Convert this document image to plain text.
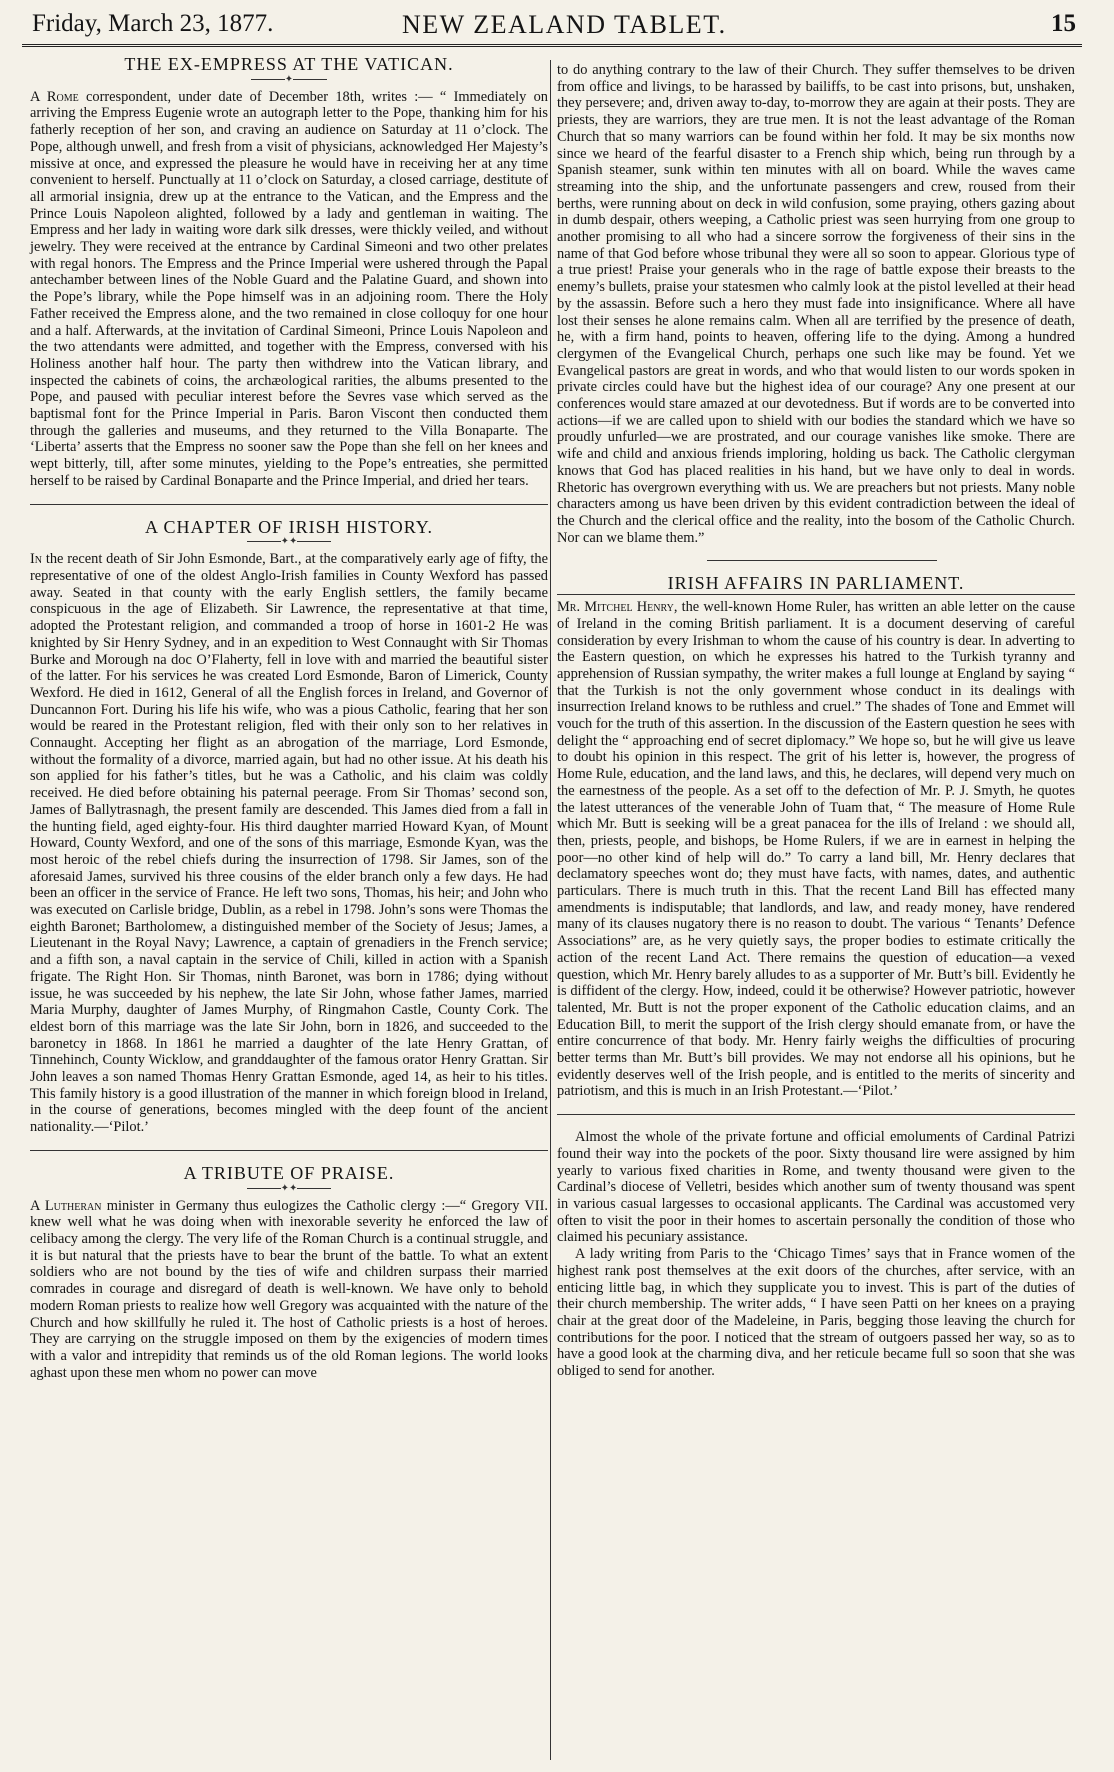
Friday, March 23, 1877.	NEW ZEALAND TABLET.	15
THE EX-EMPRESS AT THE VATICAN.
✦

A Rome correspondent, under date of December 18th, writes :— “ Immediately on arriving the Empress Eugenie wrote an autograph letter to the Pope, thanking him for his fatherly reception of her son, and craving an audience on Saturday at 11 o’clock. The Pope, although unwell, and fresh from a visit of physicians, acknowledged Her Majesty’s missive at once, and expressed the pleasure he would have in receiving her at any time convenient to herself. Punctually at 11 o’clock on Saturday, a closed carriage, destitute of all armorial insignia, drew up at the entrance to the Vatican, and the Empress and the Prince Louis Napoleon alighted, followed by a lady and gentleman in waiting. The Empress and her lady in waiting wore dark silk dresses, were thickly veiled, and without jewelry. They were received at the entrance by Cardinal Simeoni and two other prelates with regal honors. The Empress and the Prince Imperial were ushered through the Papal antechamber between lines of the Noble Guard and the Palatine Guard, and shown into the Pope’s library, while the Pope himself was in an adjoining room. There the Holy Father received the Empress alone, and the two remained in close colloquy for one hour and a half. Afterwards, at the invitation of Cardinal Simeoni, Prince Louis Napoleon and the two attendants were admitted, and together with the Empress, conversed with his Holiness another half hour. The party then withdrew into the Vatican library, and inspected the cabinets of coins, the archæological rarities, the albums presented to the Pope, and paused with peculiar interest before the Sevres vase which served as the baptismal font for the Prince Imperial in Paris. Baron Viscont then conducted them through the galleries and museums, and they returned to the Villa Bonaparte. The ‘Liberta’ asserts that the Empress no sooner saw the Pope than she fell on her knees and wept bitterly, till, after some minutes, yielding to the Pope’s entreaties, she permitted herself to be raised by Cardinal Bonaparte and the Prince Imperial, and dried her tears.

A CHAPTER OF IRISH HISTORY.
✦✦

In the recent death of Sir John Esmonde, Bart., at the comparatively early age of fifty, the representative of one of the oldest Anglo-Irish families in County Wexford has passed away. Seated in that county with the early English settlers, the family became conspicuous in the age of Elizabeth. Sir Lawrence, the representative at that time, adopted the Protestant religion, and commanded a troop of horse in 1601-2 He was knighted by Sir Henry Sydney, and in an expedition to West Connaught with Sir Thomas Burke and Morough na doc O’Flaherty, fell in love with and married the beautiful sister of the latter. For his services he was created Lord Esmonde, Baron of Limerick, County Wexford. He died in 1612, General of all the English forces in Ireland, and Governor of Duncannon Fort. During his life his wife, who was a pious Catholic, fearing that her son would be reared in the Protestant religion, fled with their only son to her relatives in Connaught. Accepting her flight as an abrogation of the marriage, Lord Esmonde, without the formality of a divorce, married again, but had no other issue. At his death his son applied for his father’s titles, but he was a Catholic, and his claim was coldly received. He died before obtaining his paternal peerage. From Sir Thomas’ second son, James of Ballytrasnagh, the present family are descended. This James died from a fall in the hunting field, aged eighty-four. His third daughter married Howard Kyan, of Mount Howard, County Wexford, and one of the sons of this marriage, Esmonde Kyan, was the most heroic of the rebel chiefs during the insurrection of 1798. Sir James, son of the aforesaid James, survived his three cousins of the elder branch only a few days. He had been an officer in the service of France. He left two sons, Thomas, his heir; and John who was executed on Carlisle bridge, Dublin, as a rebel in 1798. John’s sons were Thomas the eighth Baronet; Bartholomew, a distinguished member of the Society of Jesus; James, a Lieutenant in the Royal Navy; Lawrence, a captain of grenadiers in the French service; and a fifth son, a naval captain in the service of Chili, killed in action with a Spanish frigate. The Right Hon. Sir Thomas, ninth Baronet, was born in 1786; dying without issue, he was succeeded by his nephew, the late Sir John, whose father James, married Maria Murphy, daughter of James Murphy, of Ringmahon Castle, County Cork. The eldest born of this marriage was the late Sir John, born in 1826, and succeeded to the baronetcy in 1868. In 1861 he married a daughter of the late Henry Grattan, of Tinnehinch, County Wicklow, and granddaughter of the famous orator Henry Grattan. Sir John leaves a son named Thomas Henry Grattan Esmonde, aged 14, as heir to his titles. This family history is a good illustration of the manner in which foreign blood in Ireland, in the course of generations, becomes mingled with the deep fount of the ancient nationality.—‘Pilot.’

A TRIBUTE OF PRAISE.
✦✦

A Lutheran minister in Germany thus eulogizes the Catholic clergy :—“ Gregory VII. knew well what he was doing when with inexorable severity he enforced the law of celibacy among the clergy. The very life of the Roman Church is a continual struggle, and it is but natural that the priests have to bear the brunt of the battle. To what an extent soldiers who are not bound by the ties of wife and children surpass their married comrades in courage and disregard of death is well-known. We have only to behold modern Roman priests to realize how well Gregory was acquainted with the nature of the Church and how skillfully he ruled it. The host of Catholic priests is a host of heroes. They are carrying on the struggle imposed on them by the exigencies of modern times with a valor and intrepidity that reminds us of the old Roman legions. The world looks aghast upon these men whom no power can move

to do anything contrary to the law of their Church. They suffer themselves to be driven from office and livings, to be harassed by bailiffs, to be cast into prisons, but, unshaken, they persevere; and, driven away to-day, to-morrow they are again at their posts. They are priests, they are warriors, they are true men. It is not the least advantage of the Roman Church that so many warriors can be found within her fold. It may be six months now since we heard of the fearful disaster to a French ship which, being run through by a Spanish steamer, sunk within ten minutes with all on board. While the waves came streaming into the ship, and the unfortunate passengers and crew, roused from their berths, were running about on deck in wild confusion, some praying, others gazing about in dumb despair, others weeping, a Catholic priest was seen hurrying from one group to another promising to all who had a sincere sorrow the forgiveness of their sins in the name of that God before whose tribunal they were all so soon to appear. Glorious type of a true priest! Praise your generals who in the rage of battle expose their breasts to the enemy’s bullets, praise your statesmen who calmly look at the pistol levelled at their head by the assassin. Before such a hero they must fade into insignificance. Where all have lost their senses he alone remains calm. When all are terrified by the presence of death, he, with a firm hand, points to heaven, offering life to the dying. Among a hundred clergymen of the Evangelical Church, perhaps one such like may be found. Yet we Evangelical pastors are great in words, and who that would listen to our words spoken in private circles could have but the highest idea of our courage? Any one present at our conferences would stare amazed at our devotedness. But if words are to be converted into actions—if we are called upon to shield with our bodies the standard which we have so proudly unfurled—we are prostrated, and our courage vanishes like smoke. There are wife and child and anxious friends imploring, holding us back. The Catholic clergyman knows that God has placed realities in his hand, but we have only to deal in words. Rhetoric has overgrown everything with us. We are preachers but not priests. Many noble characters among us have been driven by this evident contradiction between the ideal of the Church and the clerical office and the reality, into the bosom of the Catholic Church. Nor can we blame them.”

IRISH AFFAIRS IN PARLIAMENT.

Mr. Mitchel Henry, the well-known Home Ruler, has written an able letter on the cause of Ireland in the coming British parliament. It is a document deserving of careful consideration by every Irishman to whom the cause of his country is dear. In adverting to the Eastern question, on which he expresses his hatred to the Turkish tyranny and apprehension of Russian sympathy, the writer makes a full lounge at England by saying “ that the Turkish is not the only government whose conduct in its dealings with insurrection Ireland knows to be ruthless and cruel.” The shades of Tone and Emmet will vouch for the truth of this assertion. In the discussion of the Eastern question he sees with delight the “ approaching end of secret diplomacy.” We hope so, but he will give us leave to doubt his opinion in this respect. The grit of his letter is, however, the progress of Home Rule, education, and the land laws, and this, he declares, will depend very much on the earnestness of the people. As a set off to the defection of Mr. P. J. Smyth, he quotes the latest utterances of the venerable John of Tuam that, “ The measure of Home Rule which Mr. Butt is seeking will be a great panacea for the ills of Ireland : we should all, then, priests, people, and bishops, be Home Rulers, if we are in earnest in helping the poor—no other kind of help will do.” To carry a land bill, Mr. Henry declares that declamatory speeches wont do; they must have facts, with names, dates, and authentic particulars. There is much truth in this. That the recent Land Bill has effected many amendments is indisputable; that landlords, and law, and ready money, have rendered many of its clauses nugatory there is no reason to doubt. The various “ Tenants’ Defence Associations” are, as he very quietly says, the proper bodies to estimate critically the action of the recent Land Act. There remains the question of education—a vexed question, which Mr. Henry barely alludes to as a supporter of Mr. Butt’s bill. Evidently he is diffident of the clergy. How, indeed, could it be otherwise? However patriotic, however talented, Mr. Butt is not the proper exponent of the Catholic education claims, and an Education Bill, to merit the support of the Irish clergy should emanate from, or have the entire concurrence of that body. Mr. Henry fairly weighs the difficulties of procuring better terms than Mr. Butt’s bill provides. We may not endorse all his opinions, but he evidently deserves well of the Irish people, and is entitled to the merits of sincerity and patriotism, and this is much in an Irish Protestant.—‘Pilot.’

Almost the whole of the private fortune and official emoluments of Cardinal Patrizi found their way into the pockets of the poor. Sixty thousand lire were assigned by him yearly to various fixed charities in Rome, and twenty thousand were given to the Cardinal’s diocese of Velletri, besides which another sum of twenty thousand was spent in various casual largesses to occasional applicants. The Cardinal was accustomed very often to visit the poor in their homes to ascertain personally the condition of those who claimed his pecuniary assistance.

A lady writing from Paris to the ‘Chicago Times’ says that in France women of the highest rank post themselves at the exit doors of the churches, after service, with an enticing little bag, in which they supplicate you to invest. This is part of the duties of their church membership. The writer adds, “ I have seen Patti on her knees on a praying chair at the great door of the Madeleine, in Paris, begging those leaving the church for contributions for the poor. I noticed that the stream of outgoers passed her way, so as to have a good look at the charming diva, and her reticule became full so soon that she was obliged to send for another.
